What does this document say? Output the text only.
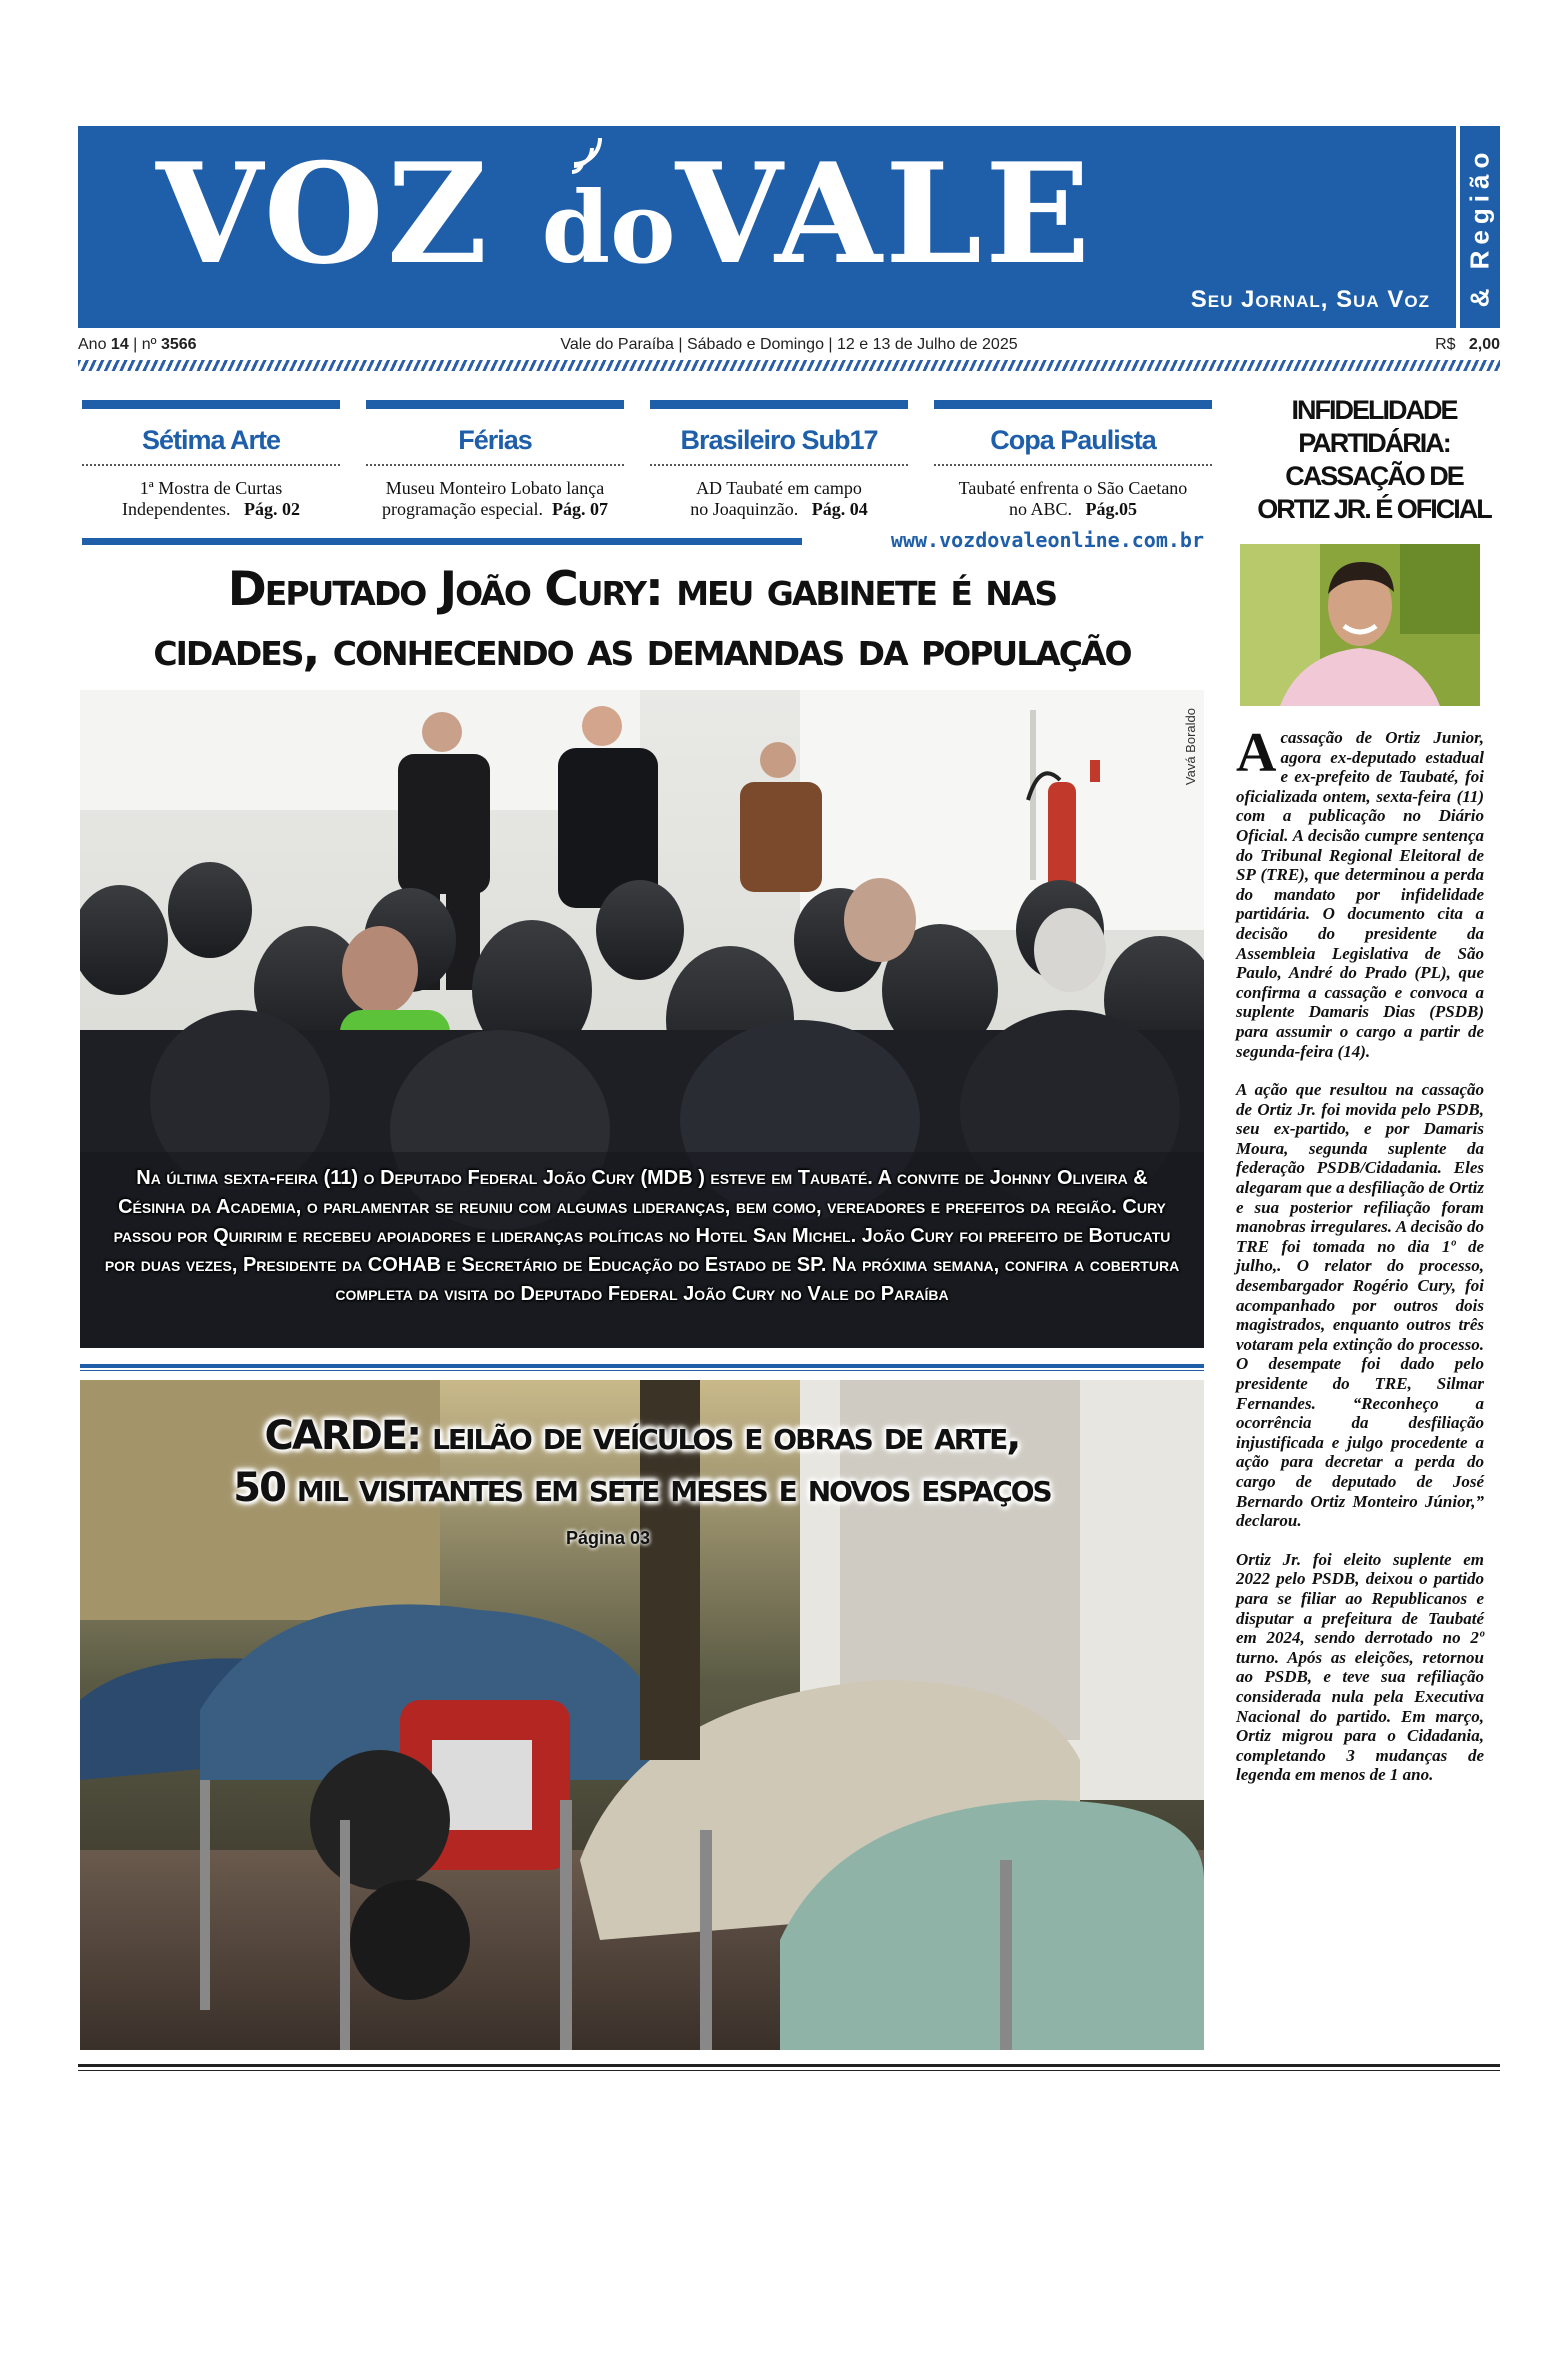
VOZ doVALE
Seu Jornal, Sua Voz & Região
Ano 14 | nº 3566	Vale do Paraíba | Sábado e Domingo | 12 e 13 de Julho de 2025	R$ 2,00
Sétima Arte
1ª Mostra de Curtas
Independentes. Pág. 02
Férias
Museu Monteiro Lobato lança
programação especial. Pág. 07
Brasileiro Sub17
AD Taubaté em campo
no Joaquinzão. Pág. 04
Copa Paulista
Taubaté enfrenta o São Caetano
no ABC. Pág.05
www.vozdovaleonline.com.br
Deputado João Cury: meu gabinete é nas
cidades, conhecendo as demandas da população
Vavá Boraldo
Na última sexta-feira (11) o Deputado Federal João Cury (MDB ) esteve em Taubaté. A convite de Johnny Oliveira & Césinha da Academia, o parlamentar se reuniu com algumas lideranças, bem como, vereadores e prefeitos da região. Cury passou por Quiririm e recebeu apoiadores e lideranças políticas no Hotel San Michel. João Cury foi prefeito de Botucatu por duas vezes, Presidente da COHAB e Secretário de Educação do Estado de SP. Na próxima semana, confira a cobertura completa da visita do Deputado Federal João Cury no Vale do Paraíba
CARDE: leilão de veículos e obras de arte,
50 mil visitantes em sete meses e novos espaços
Página 03
INFIDELIDADE
PARTIDÁRIA:
CASSAÇÃO DE
ORTIZ JR. É OFICIAL

Acassação de Ortiz Junior, agora ex-deputado estadual e ex-prefeito de Taubaté, foi oficializada ontem, sexta-feira (11) com a publicação no Diário Oficial. A decisão cumpre sentença do Tribunal Regional Eleitoral de SP (TRE), que determinou a perda do mandato por infidelidade partidária. O documento cita a decisão do presidente da Assembleia Legislativa de São Paulo, André do Prado (PL), que confirma a cassação e convoca a suplente Damaris Dias (PSDB) para assumir o cargo a partir de segunda-feira (14).

A ação que resultou na cassação de Ortiz Jr. foi movida pelo PSDB, seu ex-partido, e por Damaris Moura, segunda suplente da federação PSDB/Cidadania. Eles alegaram que a desfiliação de Ortiz e sua posterior refiliação foram manobras irregulares. A decisão do TRE foi tomada no dia 1º de julho,. O relator do processo, desembargador Rogério Cury, foi acompanhado por outros dois magistrados, enquanto outros três votaram pela extinção do processo. O desempate foi dado pelo presidente do TRE, Silmar Fernandes. “Reconheço a ocorrência da desfiliação injustificada e julgo procedente a ação para decretar a perda do cargo de deputado de José Bernardo Ortiz Monteiro Júnior,” declarou.

Ortiz Jr. foi eleito suplente em 2022 pelo PSDB, deixou o partido para se filiar ao Republicanos e disputar a prefeitura de Taubaté em 2024, sendo derrotado no 2º turno. Após as eleições, retornou ao PSDB, e teve sua refiliação considerada nula pela Executiva Nacional do partido. Em março, Ortiz migrou para o Cidadania, completando 3 mudanças de legenda em menos de 1 ano.
